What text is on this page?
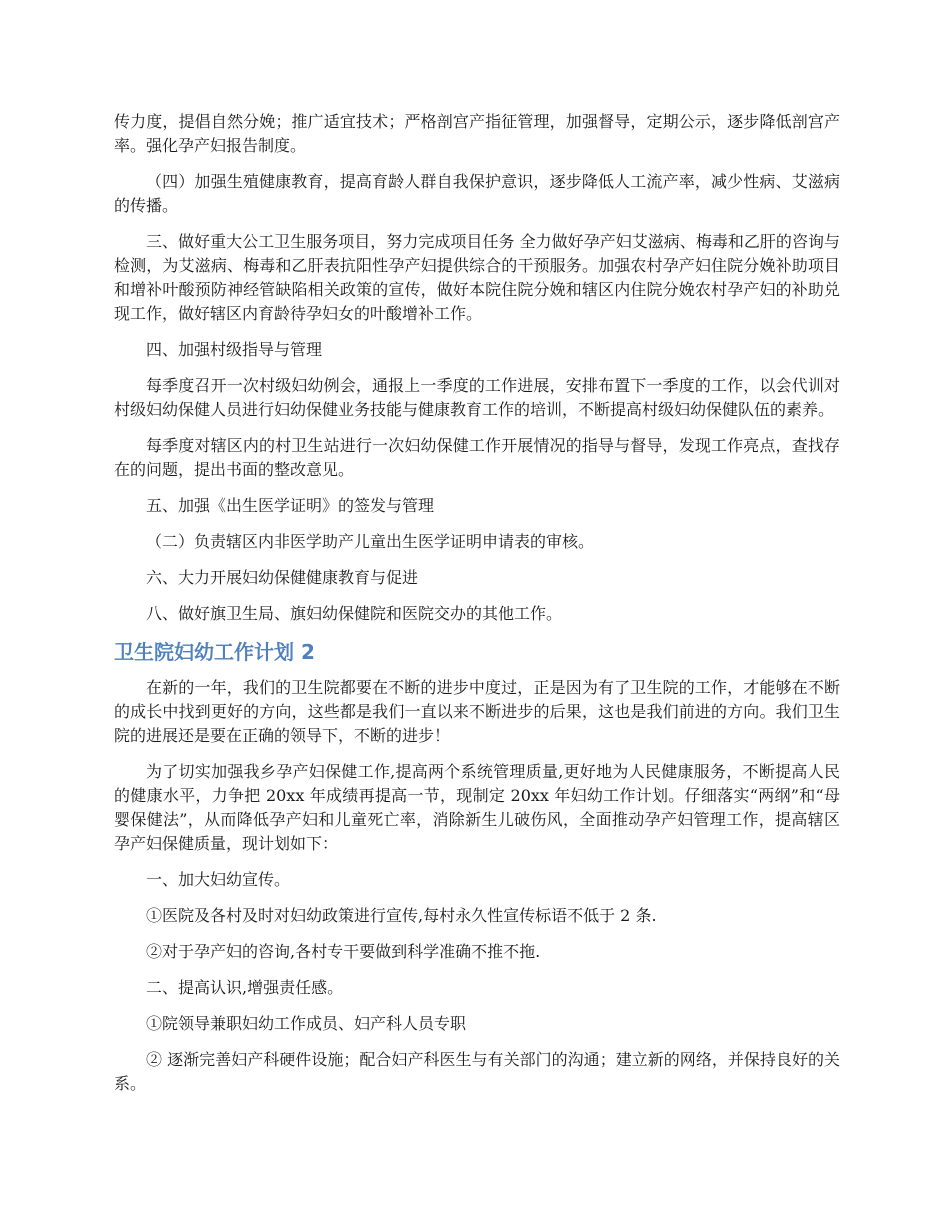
传力度，提倡自然分娩；推广适宜技术；严格剖宫产指征管理，加强督导，定期公示，逐步降低剖宫产率。强化孕产妇报告制度。

（四）加强生殖健康教育，提高育龄人群自我保护意识，逐步降低人工流产率，减少性病、艾滋病的传播。

三、做好重大公工卫生服务项目，努力完成项目任务 全力做好孕产妇艾滋病、梅毒和乙肝的咨询与检测，为艾滋病、梅毒和乙肝表抗阳性孕产妇提供综合的干预服务。加强农村孕产妇住院分娩补助项目和增补叶酸预防神经管缺陷相关政策的宣传，做好本院住院分娩和辖区内住院分娩农村孕产妇的补助兑现工作，做好辖区内育龄待孕妇女的叶酸增补工作。

四、加强村级指导与管理

每季度召开一次村级妇幼例会，通报上一季度的工作进展，安排布置下一季度的工作，以会代训对村级妇幼保健人员进行妇幼保健业务技能与健康教育工作的培训，不断提高村级妇幼保健队伍的素养。

每季度对辖区内的村卫生站进行一次妇幼保健工作开展情况的指导与督导，发现工作亮点，查找存在的问题，提出书面的整改意见。

五、加强《出生医学证明》的签发与管理

（二）负责辖区内非医学助产儿童出生医学证明申请表的审核。

六、大力开展妇幼保健健康教育与促进

八、做好旗卫生局、旗妇幼保健院和医院交办的其他工作。

卫生院妇幼工作计划 2

在新的一年，我们的卫生院都要在不断的进步中度过，正是因为有了卫生院的工作，才能够在不断的成长中找到更好的方向，这些都是我们一直以来不断进步的后果，这也是我们前进的方向。我们卫生院的进展还是要在正确的领导下，不断的进步！

为了切实加强我乡孕产妇保健工作,提高两个系统管理质量,更好地为人民健康服务，不断提高人民的健康水平，力争把 20xx 年成绩再提高一节，现制定 20xx 年妇幼工作计划。仔细落实“两纲”和“母婴保健法”，从而降低孕产妇和儿童死亡率，消除新生儿破伤风，全面推动孕产妇管理工作，提高辖区孕产妇保健质量，现计划如下：

一、加大妇幼宣传。

①医院及各村及时对妇幼政策进行宣传,每村永久性宣传标语不低于 2 条.

②对于孕产妇的咨询,各村专干要做到科学准确不推不拖.

二、提高认识,增强责任感。

①院领导兼职妇幼工作成员、妇产科人员专职

② 逐渐完善妇产科硬件设施；配合妇产科医生与有关部门的沟通；建立新的网络，并保持良好的关系。
